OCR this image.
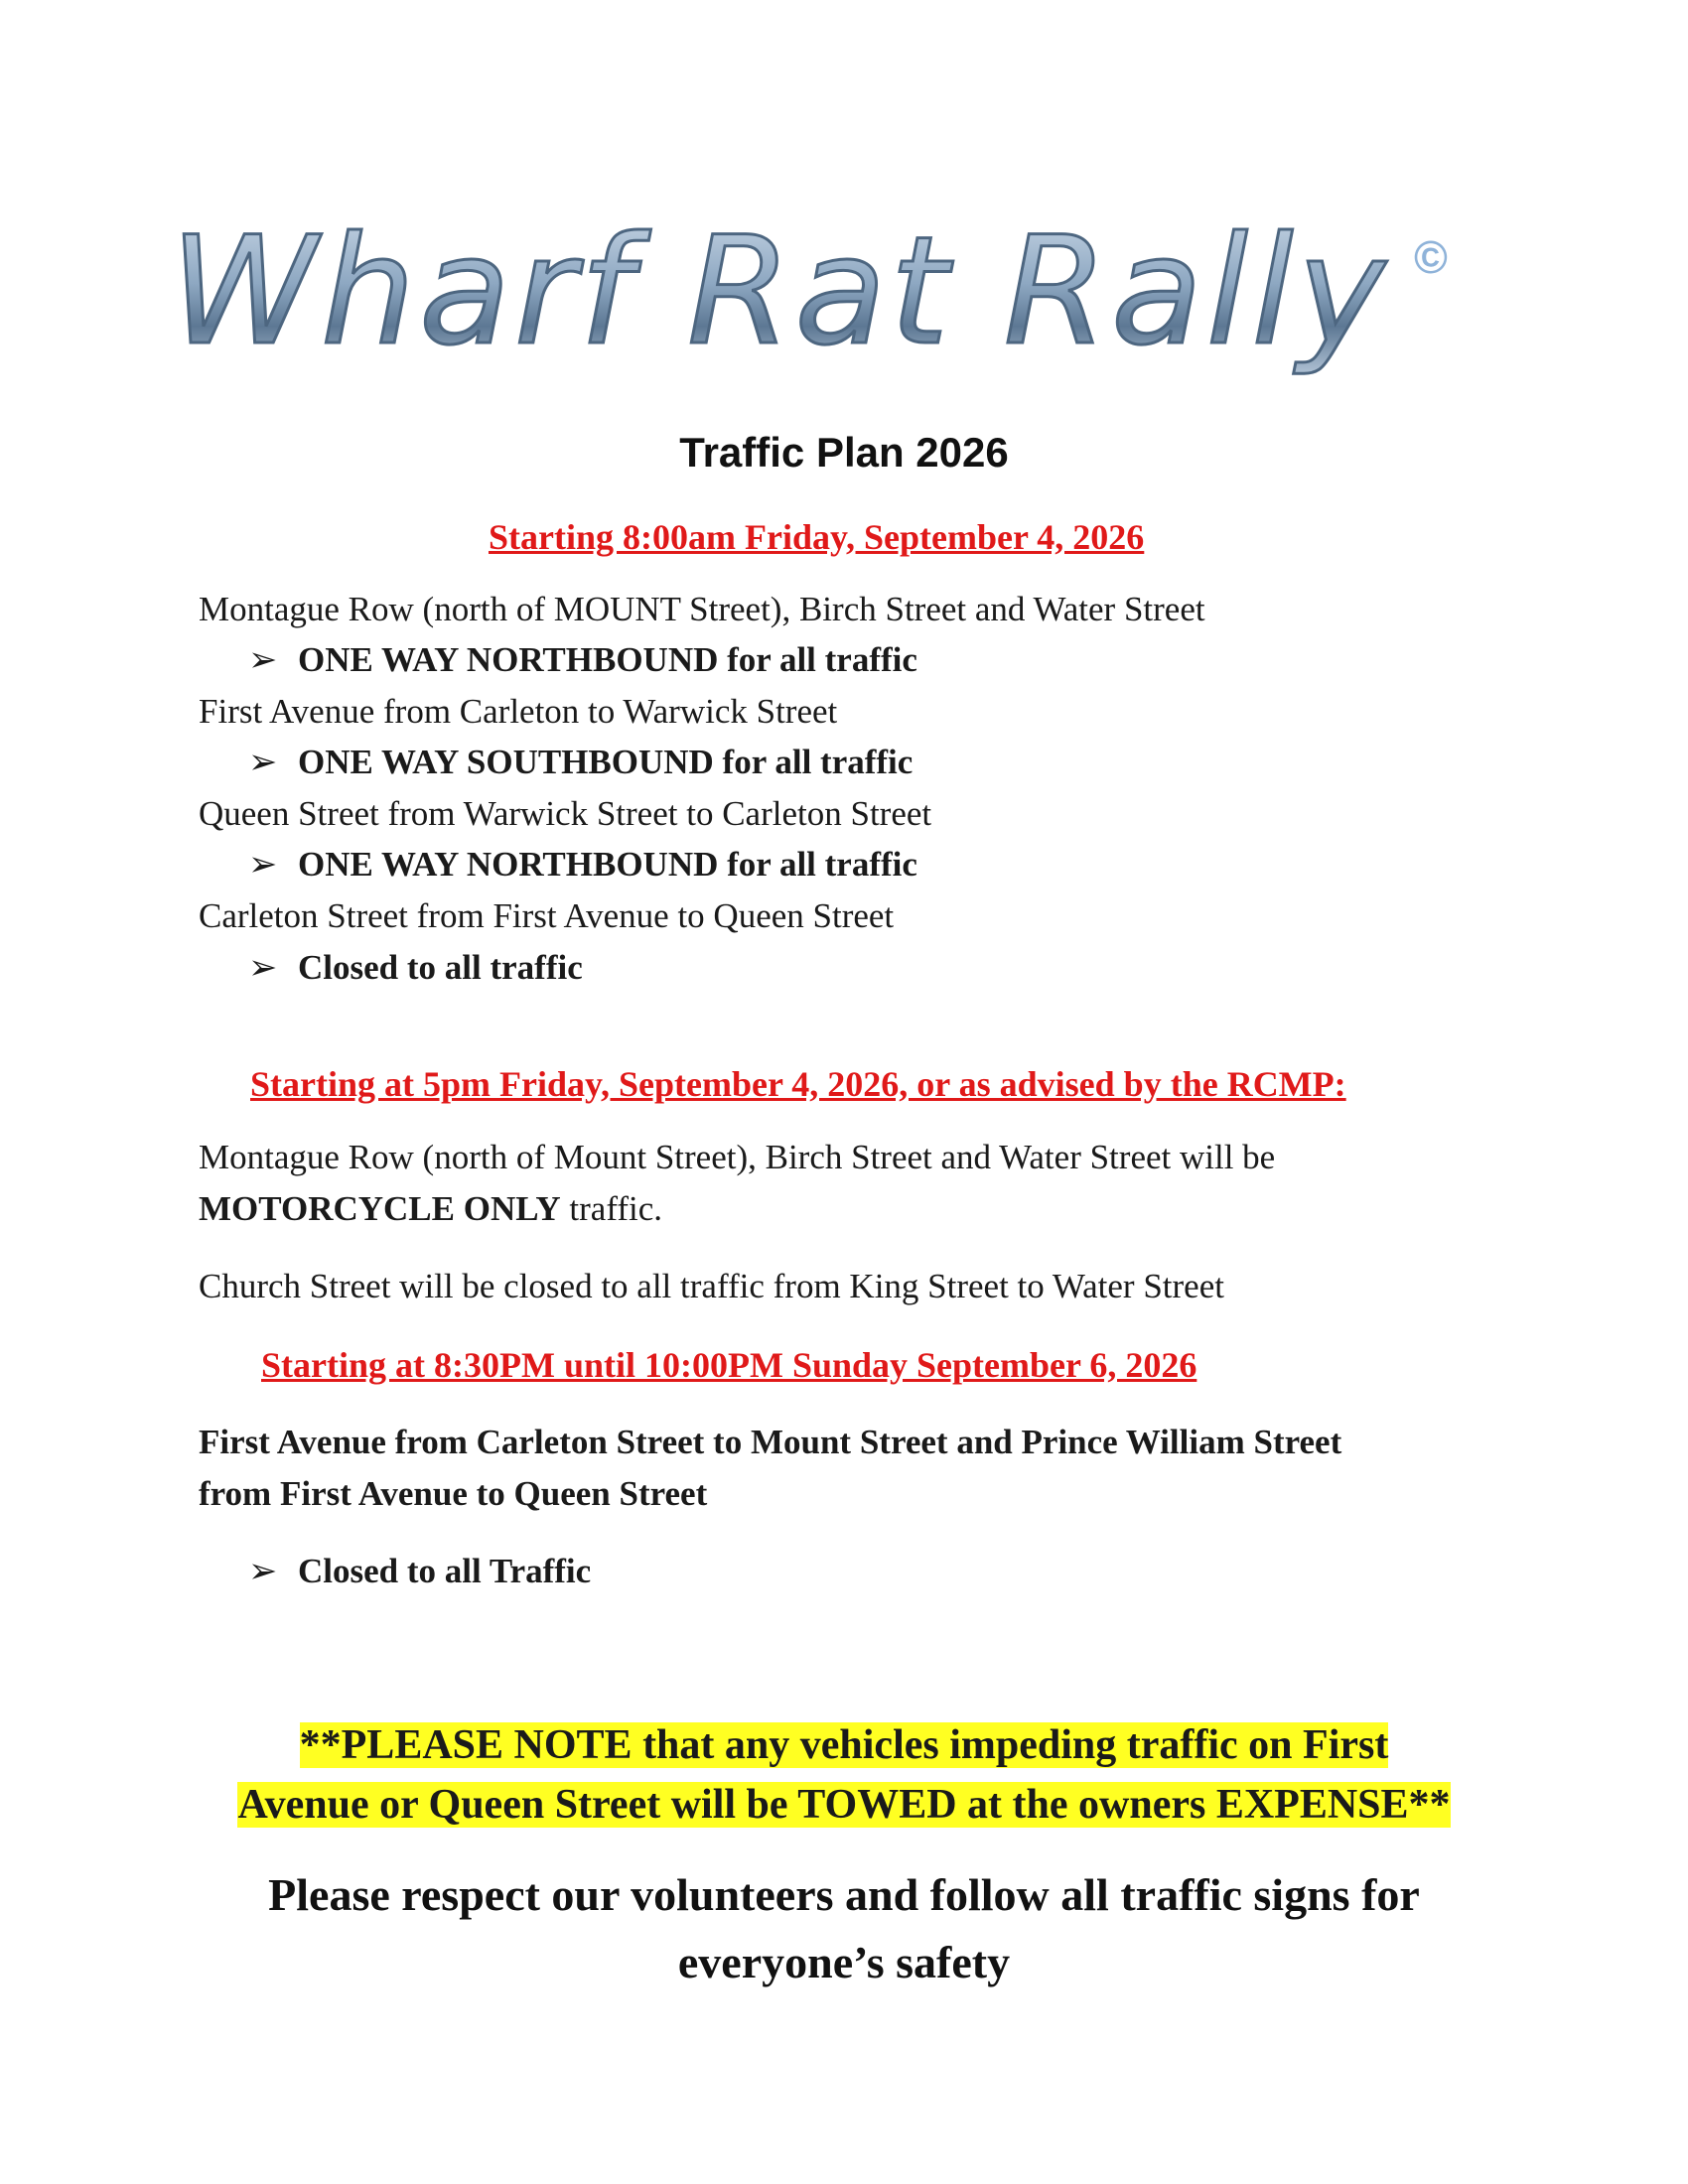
Wharf Rat Rally ©
Traffic Plan 2026
Starting 8:00am Friday, September 4, 2026
Montague Row (north of MOUNT Street), Birch Street and Water Street
➢ ONE WAY NORTHBOUND for all traffic
First Avenue from Carleton to Warwick Street
➢ ONE WAY SOUTHBOUND for all traffic
Queen Street from Warwick Street to Carleton Street
➢ ONE WAY NORTHBOUND for all traffic
Carleton Street from First Avenue to Queen Street
➢ Closed to all traffic
Starting at 5pm Friday, September 4, 2026, or as advised by the RCMP:
Montague Row (north of Mount Street), Birch Street and Water Street will be
MOTORCYCLE ONLY traffic.
Church Street will be closed to all traffic from King Street to Water Street
Starting at 8:30PM until 10:00PM Sunday September 6, 2026
First Avenue from Carleton Street to Mount Street and Prince William Street
from First Avenue to Queen Street
➢ Closed to all Traffic
**PLEASE NOTE that any vehicles impeding traffic on First
Avenue or Queen Street will be TOWED at the owners EXPENSE**
Please respect our volunteers and follow all traffic signs for
everyone’s safety
